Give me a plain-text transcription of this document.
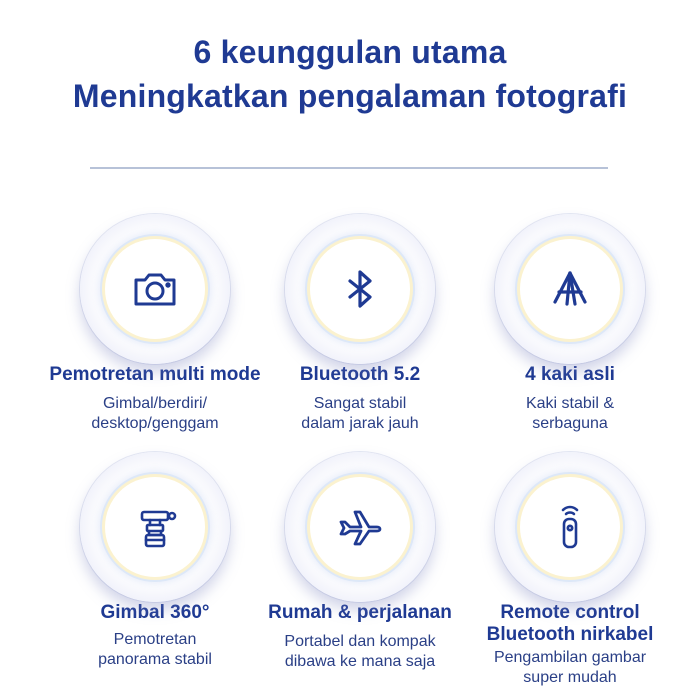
6 keunggulan utama
Meningkatkan pengalaman fotografi
Pemotretan multi mode
Gimbal/berdiri/
desktop/genggam
Bluetooth 5.2
Sangat stabil
dalam jarak jauh
4 kaki asli
Kaki stabil &
serbaguna
Gimbal 360°
Pemotretan
panorama stabil
Rumah & perjalanan
Portabel dan kompak
dibawa ke mana saja
Remote control
Bluetooth nirkabel
Pengambilan gambar
super mudah
